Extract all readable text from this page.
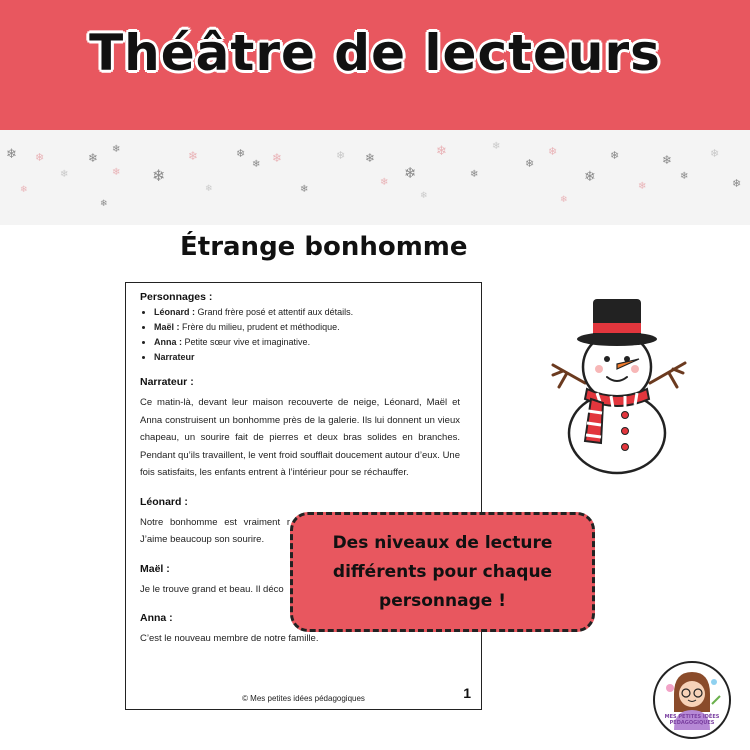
Théâtre de lecteurs
❄ ❄
❄
❄
❄
❄
❄
❄
❄
❄
❄ ❄
❄
❄ ❄
❄
❄
❄
❄
❄
❄
❄
❄
❄
❄
❄
❄
❄
❄
❄
❄
❄	❄
Étrange bonhomme
Personnages :
• Léonard : Grand frère posé et attentif aux détails.
• Maël : Frère du milieu, prudent et méthodique.
• Anna : Petite sœur vive et imaginative.
• Narrateur
Narrateur :
Ce matin-là, devant leur maison recouverte de neige, Léonard, Maël et Anna construisent un bonhomme près de la galerie. Ils lui donnent un vieux chapeau, un sourire fait de pierres et deux bras solides en branches. Pendant qu’ils travaillent, le vent froid soufflait doucement autour d’eux. Une fois satisfaits, les enfants entrent à l’intérieur pour se réchauffer.
Léonard :
Notre bonhomme est vraiment r J’aime beaucoup son sourire.
Maël :
Je le trouve grand et beau. Il déco
Anna :
C’est le nouveau membre de notre famille.
© Mes petites idées pédagogiques	1
Des niveaux de lecture différents pour chaque personnage !
MES PETITES IDÉES PÉDAGOGIQUES
